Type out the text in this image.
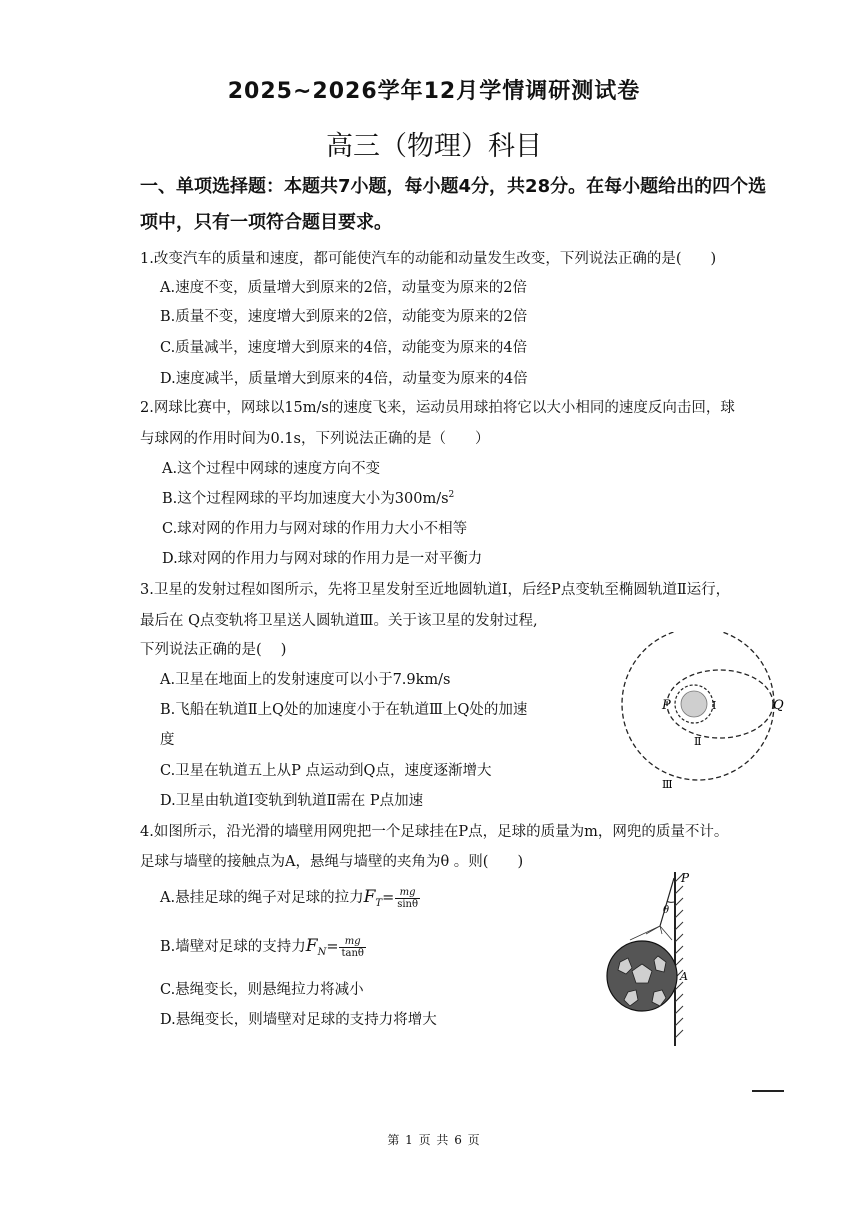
2025~2026学年12月学情调研测试卷
高三（物理）科目
一、单项选择题：本题共7小题，每小题4分，共28分。在每小题给出的四个选
项中，只有一项符合题目要求。
1.改变汽车的质量和速度，都可能使汽车的动能和动量发生改变，下列说法正确的是(　　)
A.速度不变，质量增大到原来的2倍，动量变为原来的2倍
B.质量不变，速度增大到原来的2倍，动能变为原来的2倍
C.质量减半，速度增大到原来的4倍，动能变为原来的4倍
D.速度减半，质量增大到原来的4倍，动量变为原来的4倍
2.网球比赛中，网球以15m/s的速度飞来，运动员用球拍将它以大小相同的速度反向击回，球
与球网的作用时间为0.1s，下列说法正确的是（　　）
A.这个过程中网球的速度方向不变
B.这个过程网球的平均加速度大小为$300m/s^2$
C.球对网的作用力与网对球的作用力大小不相等
D.球对网的作用力与网对球的作用力是一对平衡力
3.卫星的发射过程如图所示，先将卫星发射至近地圆轨道Ⅰ，后经P点变轨至椭圆轨道Ⅱ运行，
最后在 Q点变轨将卫星送人圆轨道Ⅲ。关于该卫星的发射过程,
下列说法正确的是(　 )
A.卫星在地面上的发射速度可以小于7.9km/s
B.飞船在轨道Ⅱ上Q处的加速度小于在轨道Ⅲ上Q处的加速
度
C.卫星在轨道五上从P 点运动到Q点，速度逐渐增大
D.卫星由轨道Ⅰ变轨到轨道Ⅱ需在 P点加速
P	I	Q
Ⅱ
Ⅲ
4.如图所示，沿光滑的墙壁用网兜把一个足球挂在P点，足球的质量为m，网兜的质量不计。
足球与墙壁的接触点为A，悬绳与墙壁的夹角为θ 。则(　　)
A.悬挂足球的绳子对足球的拉力$F_T= \frac{mg}{\sin\theta}$
B.墙壁对足球的支持力$F_N= \frac{mg}{\tan\theta}$
C.悬绳变长，则悬绳拉力将减小
D.悬绳变长，则墙壁对足球的支持力将增大
P
θ
A
第 1 页 共 6 页
